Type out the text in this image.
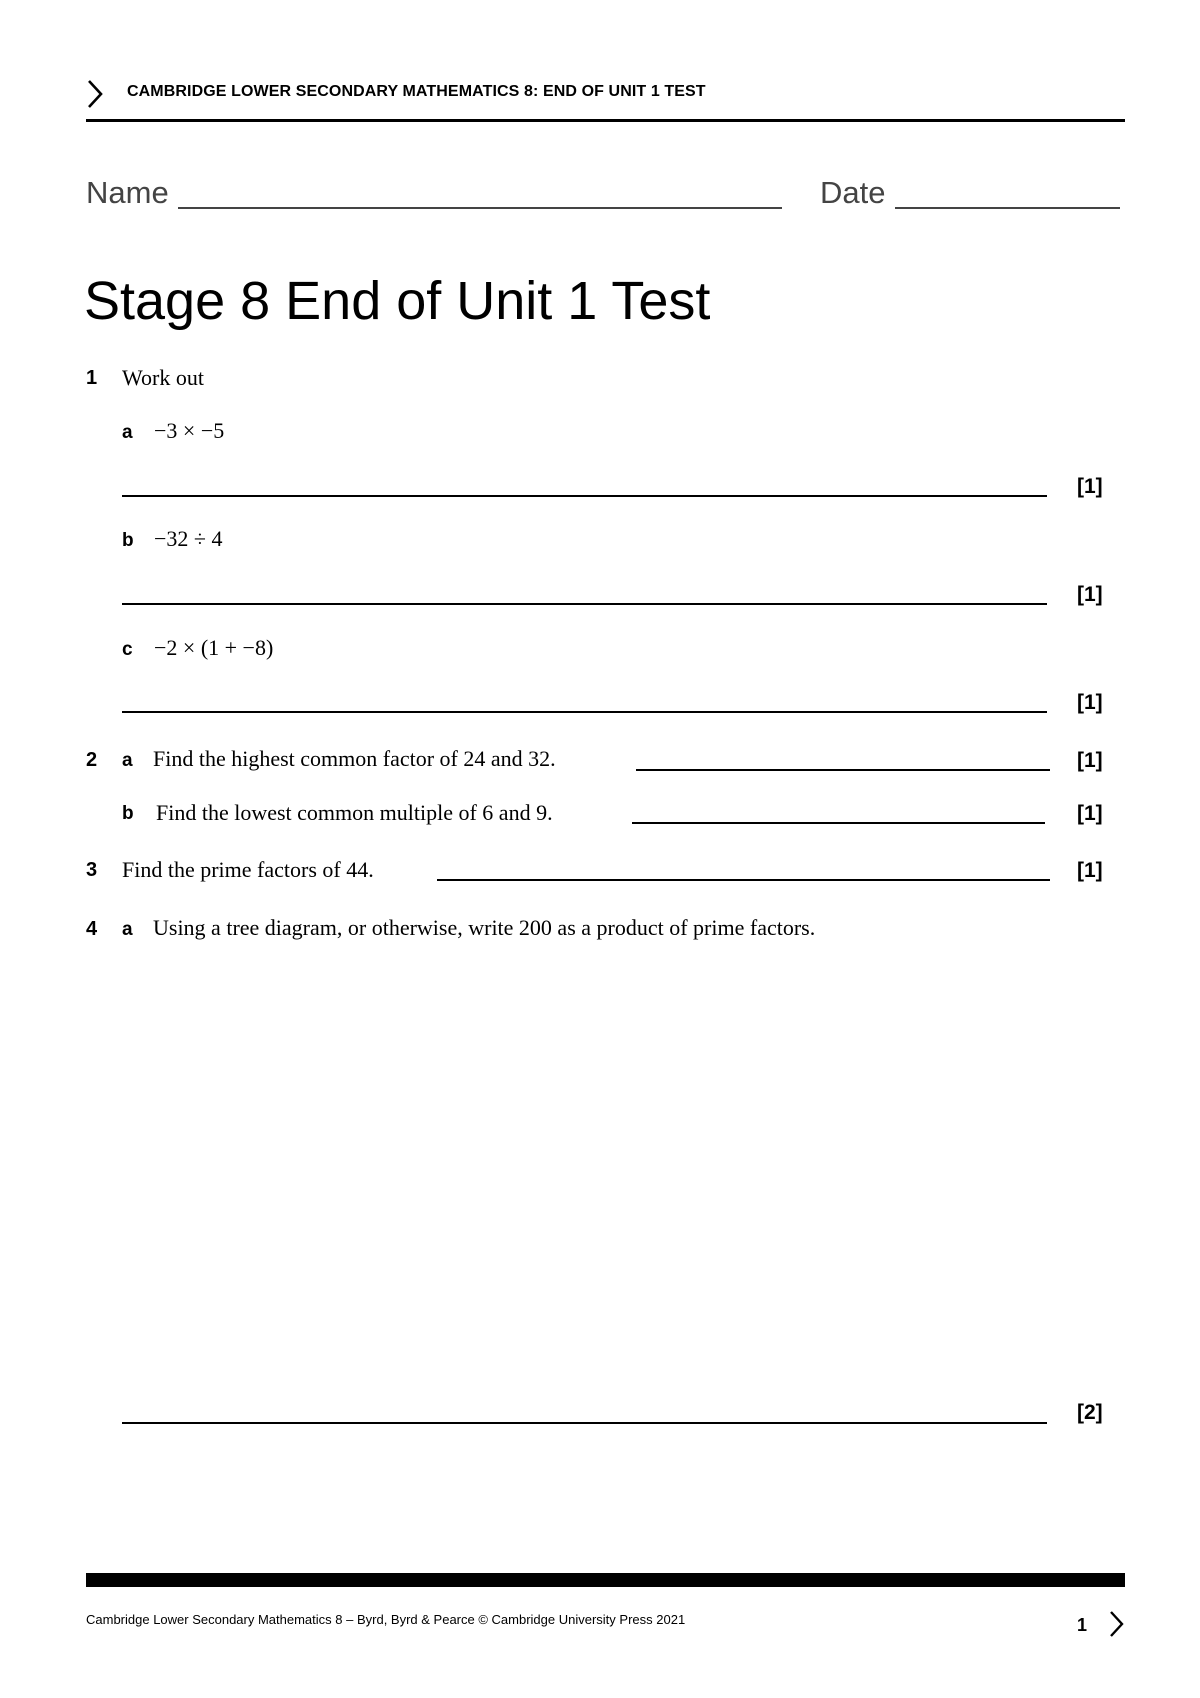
CAMBRIDGE LOWER SECONDARY MATHEMATICS 8: END OF UNIT 1 TEST
Name	Date
Stage 8 End of Unit 1 Test
1 Work out
a −3 × −5
[1]
b −32 ÷ 4
[1]
c −2 × (1 + −8)
[1]
2 a Find the highest common factor of 24 and 32.	[1]
b Find the lowest common multiple of 6 and 9.	[1]
3 Find the prime factors of 44.	[1]
4 a Using a tree diagram, or otherwise, write 200 as a product of prime factors.
[2]
Cambridge Lower Secondary Mathematics 8 – Byrd, Byrd & Pearce © Cambridge University Press 2021	1
